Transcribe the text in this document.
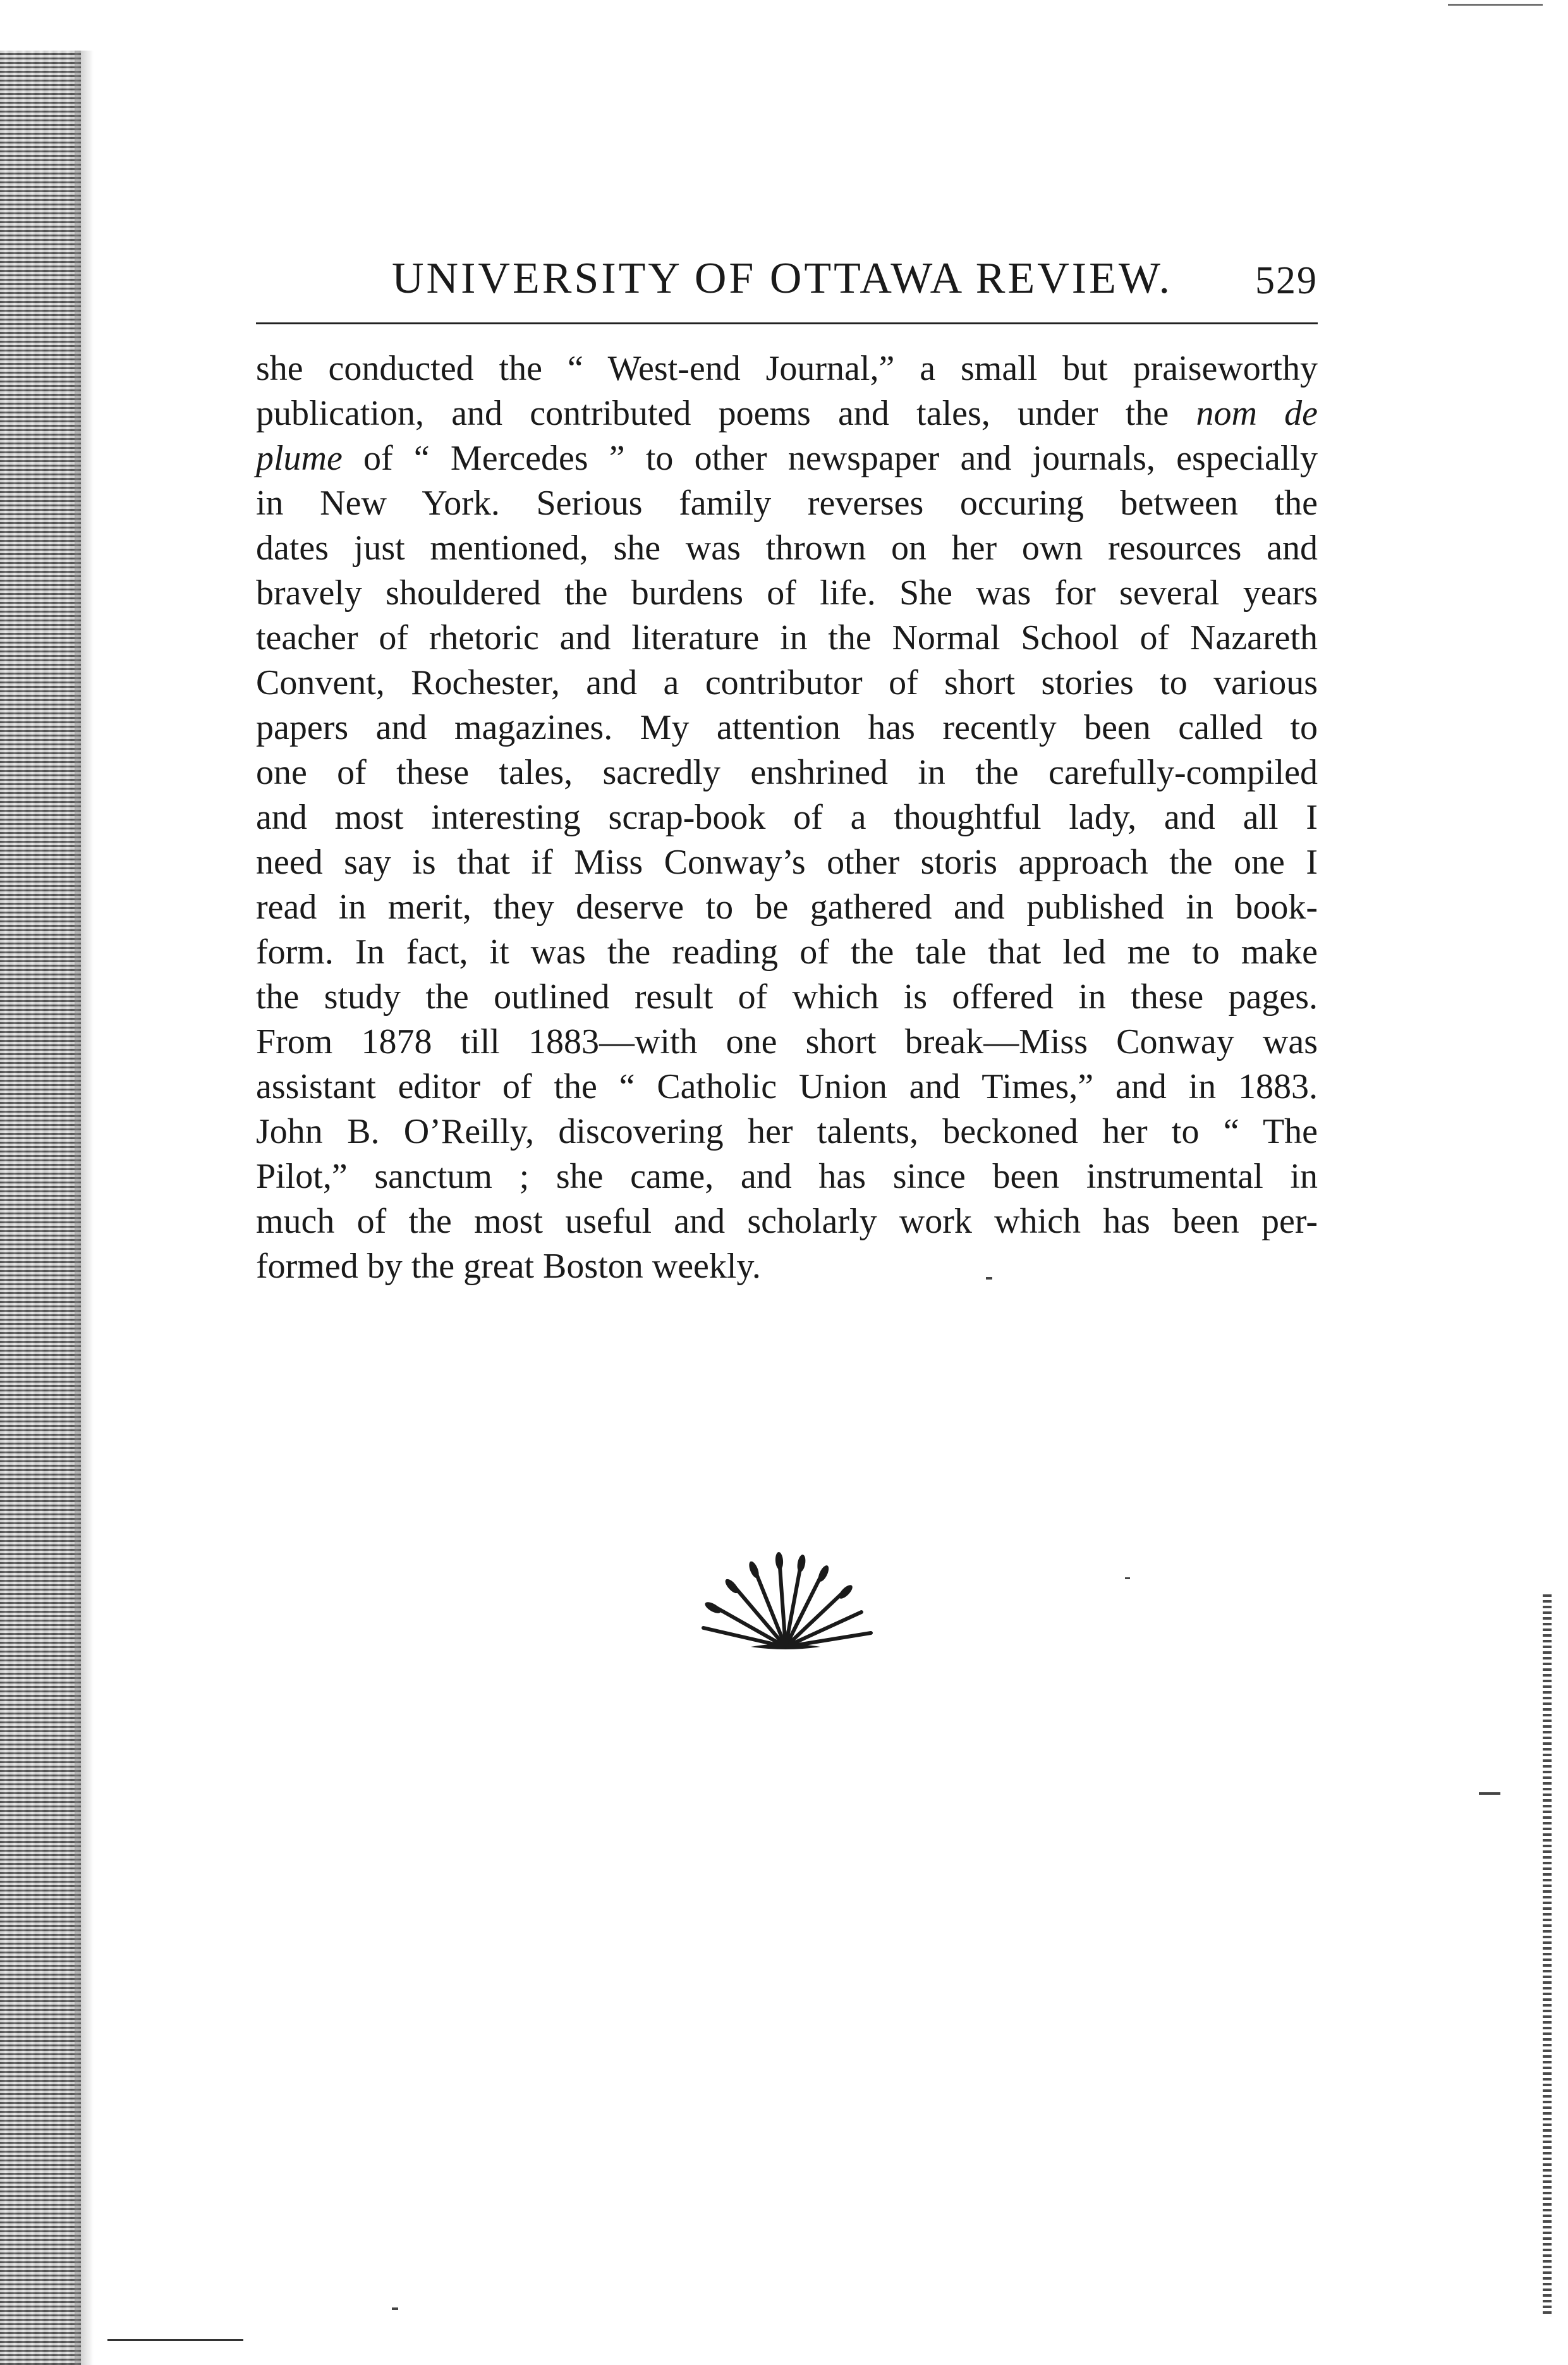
UNIVERSITY OF OTTAWA REVIEW. 529
she conducted the “ West-end Journal,” a small but praiseworthy
publication, and contributed poems and tales, under the nom de
plume of “ Mercedes ” to other newspaper and journals, especially
in New York. Serious family reverses occuring between the
dates just mentioned, she was thrown on her own resources and
bravely shouldered the burdens of life. She was for several years
teacher of rhetoric and literature in the Normal School of Nazareth
Convent, Rochester, and a contributor of short stories to various
papers and magazines. My attention has recently been called to
one of these tales, sacredly enshrined in the carefully-compiled
and most interesting scrap-book of a thoughtful lady, and all I
need say is that if Miss Conway’s other storis approach the one I
read in merit, they deserve to be gathered and published in book-
form. In fact, it was the reading of the tale that led me to make
the study the outlined result of which is offered in these pages.
From 1878 till 1883—with one short break—Miss Conway was
assistant editor of the “ Catholic Union and Times,” and in 1883.
John B. O’Reilly, discovering her talents, beckoned her to “ The
Pilot,” sanctum ; she came, and has since been instrumental in
much of the most useful and scholarly work which has been per-
formed by the great Boston weekly.
